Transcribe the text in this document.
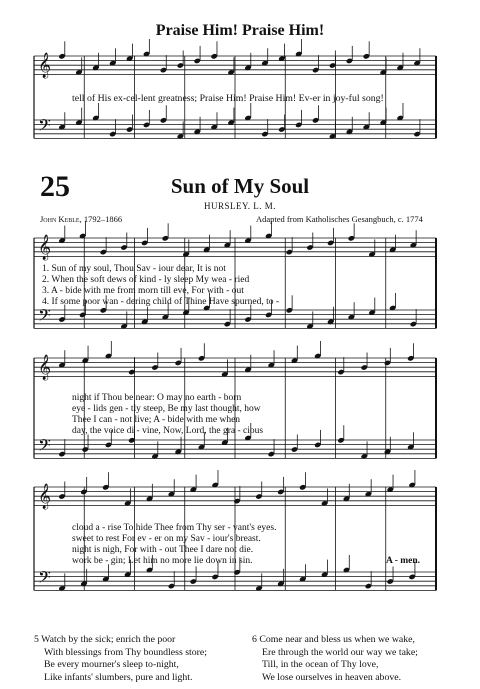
𝄞
𝄢
𝄞
𝄢
𝄞
𝄢
𝄞
𝄢
Praise Him! Praise Him!
tell of His ex-cel-lent greatness; Praise Him! Praise Him! Ev-er in joy-ful song!
25	Sun of My Soul
HURSLEY. L. M.
John Keble, 1792–1866	Adapted from Katholisches Gesangbuch, c. 1774
1. Sun of my soul, Thou Sav - iour dear, It is not
2. When the soft dews of kind - ly sleep My wea - ried
3. A - bide with me from morn till eve, For with - out
4. If some poor wan - dering child of Thine Have spurned, to -
night if Thou be near: O may no earth - born
eye - lids gen - tly steep, Be my last thought, how
Thee I can - not live; A - bide with me when
day, the voice di - vine, Now, Lord, the gra - cious
cloud a - rise To hide Thee from Thy ser - vant's eyes.
sweet to rest For ev - er on my Sav - iour's breast.
night is nigh, For with - out Thee I dare not die.
work be - gin; Let him no more lie down in sin.	A - men.
5 Watch by the sick; enrich the poor
With blessings from Thy boundless store;
Be every mourner's sleep to-night,
Like infants' slumbers, pure and light.
6 Come near and bless us when we wake,
Ere through the world our way we take;
Till, in the ocean of Thy love,
We lose ourselves in heaven above.
